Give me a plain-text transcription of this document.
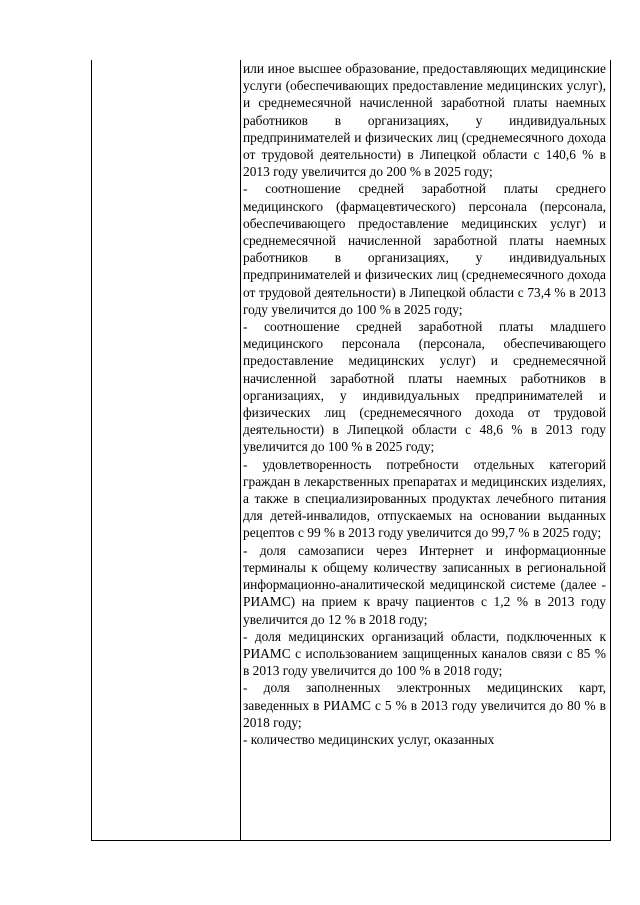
или иное высшее образование, предоставляющих медицинские услуги (обеспечивающих предоставление медицинских услуг), и среднемесячной начисленной заработной платы наемных работников в организациях, у индивидуальных предпринимателей и физических лиц (среднемесячного дохода от трудовой деятельности) в Липецкой области с 140,6 % в 2013 году увеличится до 200 % в 2025 году;

- соотношение средней заработной платы среднего медицинского (фармацевтического) персонала (персонала, обеспечивающего предоставление медицинских услуг) и среднемесячной начисленной заработной платы наемных работников в организациях, у индивидуальных предпринимателей и физических лиц (среднемесячного дохода от трудовой деятельности) в Липецкой области с 73,4 % в 2013 году увеличится до 100 % в 2025 году;

- соотношение средней заработной платы младшего медицинского персонала (персонала, обеспечивающего предоставление медицинских услуг) и среднемесячной начисленной заработной платы наемных работников в организациях, у индивидуальных предпринимателей и физических лиц (среднемесячного дохода от трудовой деятельности) в Липецкой области с 48,6 % в 2013 году увеличится до 100 % в 2025 году;

- удовлетворенность потребности отдельных категорий граждан в лекарственных препаратах и медицинских изделиях, а также в специализированных продуктах лечебного питания для детей-инвалидов, отпускаемых на основании выданных рецептов с 99 % в 2013 году увеличится до 99,7 % в 2025 году;

- доля самозаписи через Интернет и информационные терминалы к общему количеству записанных в региональной информационно-аналитической медицинской системе (далее - РИАМС) на прием к врачу пациентов с 1,2 % в 2013 году увеличится до 12 % в 2018 году;

- доля медицинских организаций области, подключенных к РИАМС с использованием защищенных каналов связи с 85 % в 2013 году увеличится до 100 % в 2018 году;

- доля заполненных электронных медицинских карт, заведенных в РИАМС с 5 % в 2013 году увеличится до 80 % в 2018 году;

- количество медицинских услуг, оказанных
